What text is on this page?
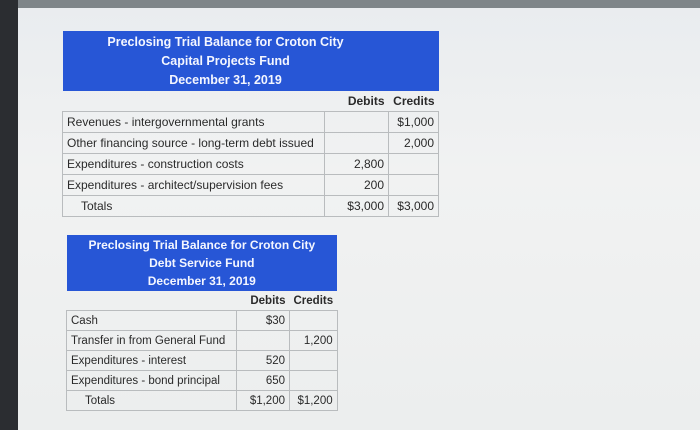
Preclosing Trial Balance for Croton City
Capital Projects Fund
December 31, 2019		

	Debits	Credits
Revenues - intergovernmental grants		$1,000
Other financing source - long-term debt issued		2,000
Expenditures - construction costs	2,800	
Expenditures - architect/supervision fees	200	
Totals	$3,000	$3,000
Preclosing Trial Balance for Croton City
Debt Service Fund
December 31, 2019		

	Debits	Credits
Cash	$30	
Transfer in from General Fund		1,200
Expenditures - interest	520	
Expenditures - bond principal	650	
Totals	$1,200	$1,200
